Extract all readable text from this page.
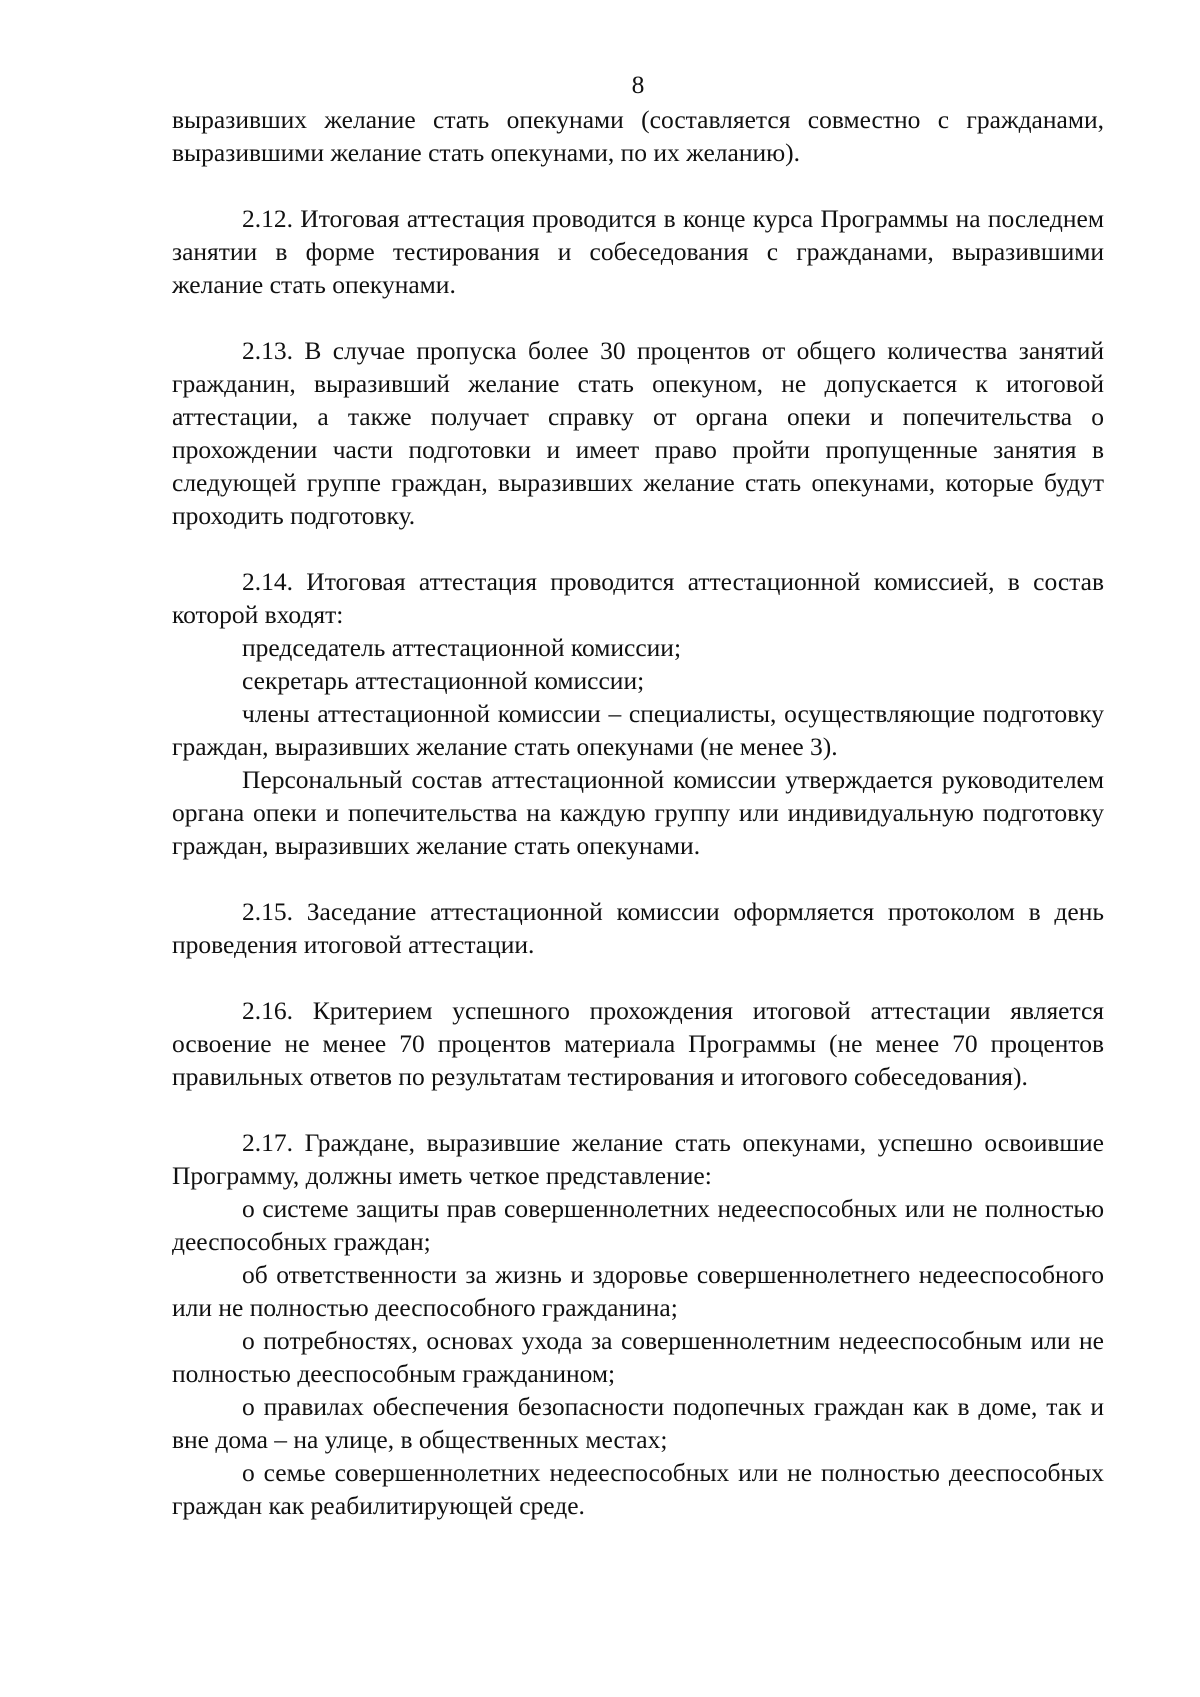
8

выразивших желание стать опекунами (составляется совместно с гражданами, выразившими желание стать опекунами, по их желанию).

2.12. Итоговая аттестация проводится в конце курса Программы на последнем занятии в форме тестирования и собеседования с гражданами, выразившими желание стать опекунами.

2.13. В случае пропуска более 30 процентов от общего количества занятий гражданин, выразивший желание стать опекуном, не допускается к итоговой аттестации, а также получает справку от органа опеки и попечительства о прохождении части подготовки и имеет право пройти пропущенные занятия в следующей группе граждан, выразивших желание стать опекунами, которые будут проходить подготовку.

2.14. Итоговая аттестация проводится аттестационной комиссией, в состав которой входят:

председатель аттестационной комиссии;

секретарь аттестационной комиссии;

члены аттестационной комиссии – специалисты, осуществляющие подготовку граждан, выразивших желание стать опекунами (не менее 3).

Персональный состав аттестационной комиссии утверждается руководителем органа опеки и попечительства на каждую группу или индивидуальную подготовку граждан, выразивших желание стать опекунами.

2.15. Заседание аттестационной комиссии оформляется протоколом в день проведения итоговой аттестации.

2.16. Критерием успешного прохождения итоговой аттестации является освоение не менее 70 процентов материала Программы (не менее 70 процентов правильных ответов по результатам тестирования и итогового собеседования).

2.17. Граждане, выразившие желание стать опекунами, успешно освоившие Программу, должны иметь четкое представление:

о системе защиты прав совершеннолетних недееспособных или не полностью дееспособных граждан;

об ответственности за жизнь и здоровье совершеннолетнего недееспособного или не полностью дееспособного гражданина;

о потребностях, основах ухода за совершеннолетним недееспособным или не полностью дееспособным гражданином;

о правилах обеспечения безопасности подопечных граждан как в доме, так и вне дома – на улице, в общественных местах;

о семье совершеннолетних недееспособных или не полностью дееспособных граждан как реабилитирующей среде.
